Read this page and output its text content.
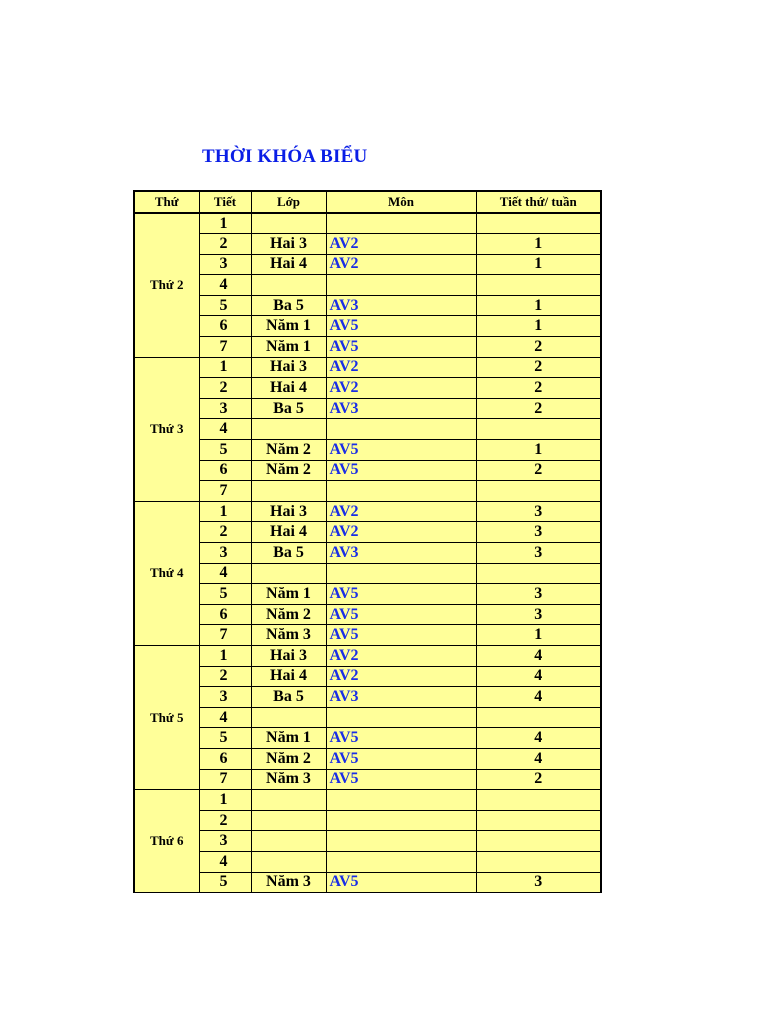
THỜI KHÓA BIỂU
Thứ	Tiết	Lớp	Môn	Tiết thứ/ tuần
Thứ 2	1			
	2	Hai 3	AV2	1
	3	Hai 4	AV2	1
	4			
	5	Ba 5	AV3	1
	6	Năm 1	AV5	1
	7	Năm 1	AV5	2
Thứ 3	1	Hai 3	AV2	2
	2	Hai 4	AV2	2
	3	Ba 5	AV3	2
	4			
	5	Năm 2	AV5	1
	6	Năm 2	AV5	2
	7			
Thứ 4	1	Hai 3	AV2	3
	2	Hai 4	AV2	3
	3	Ba 5	AV3	3
	4			
	5	Năm 1	AV5	3
	6	Năm 2	AV5	3
	7	Năm 3	AV5	1
Thứ 5	1	Hai 3	AV2	4
	2	Hai 4	AV2	4
	3	Ba 5	AV3	4
	4			
	5	Năm 1	AV5	4
	6	Năm 2	AV5	4
	7	Năm 3	AV5	2
Thứ 6	1			
	2			
	3			
	4			
	5	Năm 3	AV5	3
